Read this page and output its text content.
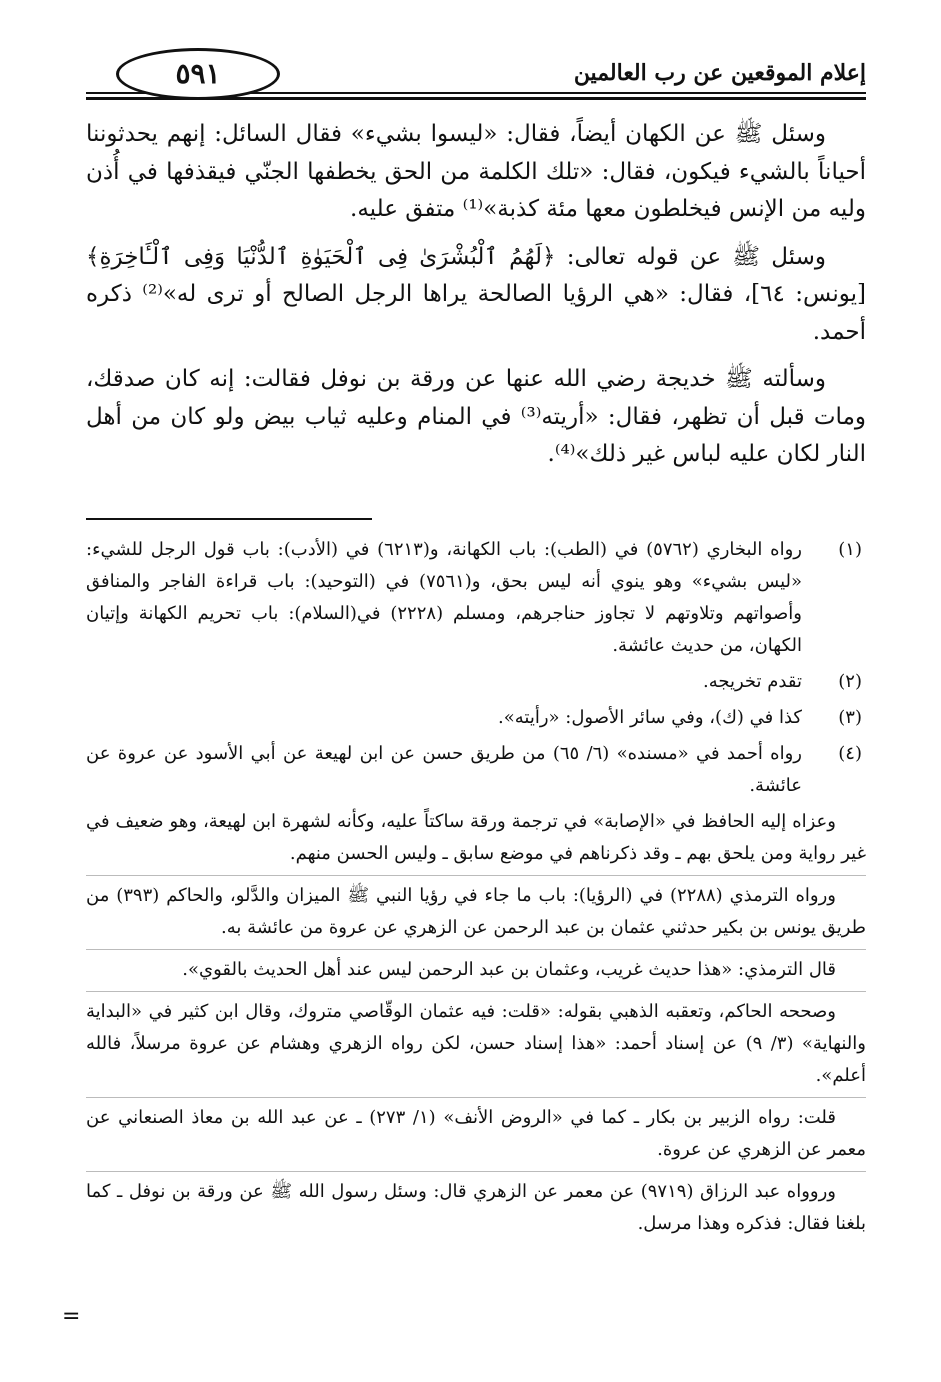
إعلام الموقعين عن رب العالمين
٥٩١

وسئل ﷺ عن الكهان أيضاً، فقال: «ليسوا بشيء» فقال السائل: إنهم يحدثوننا أحياناً بالشيء فيكون، فقال: «تلك الكلمة من الحق يخطفها الجنّي فيقذفها في أُذن وليه من الإنس فيخلطون معها مئة كذبة»⁽¹⁾ متفق عليه.

وسئل ﷺ عن قوله تعالى: ﴿لَهُمُ ٱلْبُشْرَىٰ فِى ٱلْحَيَوٰةِ ٱلدُّنْيَا وَفِى ٱلْـَٔاخِرَةِ﴾[يونس: ٦٤]، فقال: «هي الرؤيا الصالحة يراها الرجل الصالح أو ترى له»⁽²⁾ ذكره أحمد.

وسألته ﷺ خديجة رضي الله عنها عن ورقة بن نوفل فقالت: إنه كان صدقك، ومات قبل أن تظهر، فقال: «أريته⁽³⁾ في المنام وعليه ثياب بيض ولو كان من أهل النار لكان عليه لباس غير ذلك»⁽⁴⁾.

(١)
رواه البخاري (٥٧٦٢) في (الطب): باب الكهانة، و(٦٢١٣) في (الأدب): باب قول الرجل للشيء: «ليس بشيء» وهو ينوي أنه ليس بحق، و(٧٥٦١) في (التوحيد): باب قراءة الفاجر والمنافق وأصواتهم وتلاوتهم لا تجاوز حناجرهم، ومسلم (٢٢٢٨) في(السلام): باب تحريم الكهانة وإتيان الكهان، من حديث عائشة.
(٢)
تقدم تخريجه.
(٣)
كذا في (ك)، وفي سائر الأصول: «رأيته».
(٤)
رواه أحمد في «مسنده» (٦/ ٦٥) من طريق حسن عن ابن لهيعة عن أبي الأسود عن عروة عن عائشة.

وعزاه إليه الحافظ في «الإصابة» في ترجمة ورقة ساكتاً عليه، وكأنه لشهرة ابن لهيعة، وهو ضعيف في غير رواية ومن يلحق بهم ـ وقد ذكرناهم في موضع سابق ـ وليس الحسن منهم.

ورواه الترمذي (٢٢٨٨) في (الرؤيا): باب ما جاء في رؤيا النبي ﷺ الميزان والدَّلو، والحاكم (٣٩٣) من طريق يونس بن بكير حدثني عثمان بن عبد الرحمن عن الزهري عن عروة من عائشة به.

قال الترمذي: «هذا حديث غريب، وعثمان بن عبد الرحمن ليس عند أهل الحديث بالقوي».

وصححه الحاكم، وتعقبه الذهبي بقوله: «قلت: فيه عثمان الوقّاصي متروك، وقال ابن كثير في «البداية والنهاية» (٣/ ٩) عن إسناد أحمد: «هذا إسناد حسن، لكن رواه الزهري وهشام عن عروة مرسلاً، فالله أعلم».

قلت: رواه الزبير بن بكار ـ كما في «الروض الأنف» (١/ ٢٧٣) ـ عن عبد الله بن معاذ الصنعاني عن معمر عن الزهري عن عروة.

وروواه عبد الرزاق (٩٧١٩) عن معمر عن الزهري قال: وسئل رسول الله ﷺ عن ورقة بن نوفل ـ كما بلغنا فقال: فذكره وهذا مرسل.

=
